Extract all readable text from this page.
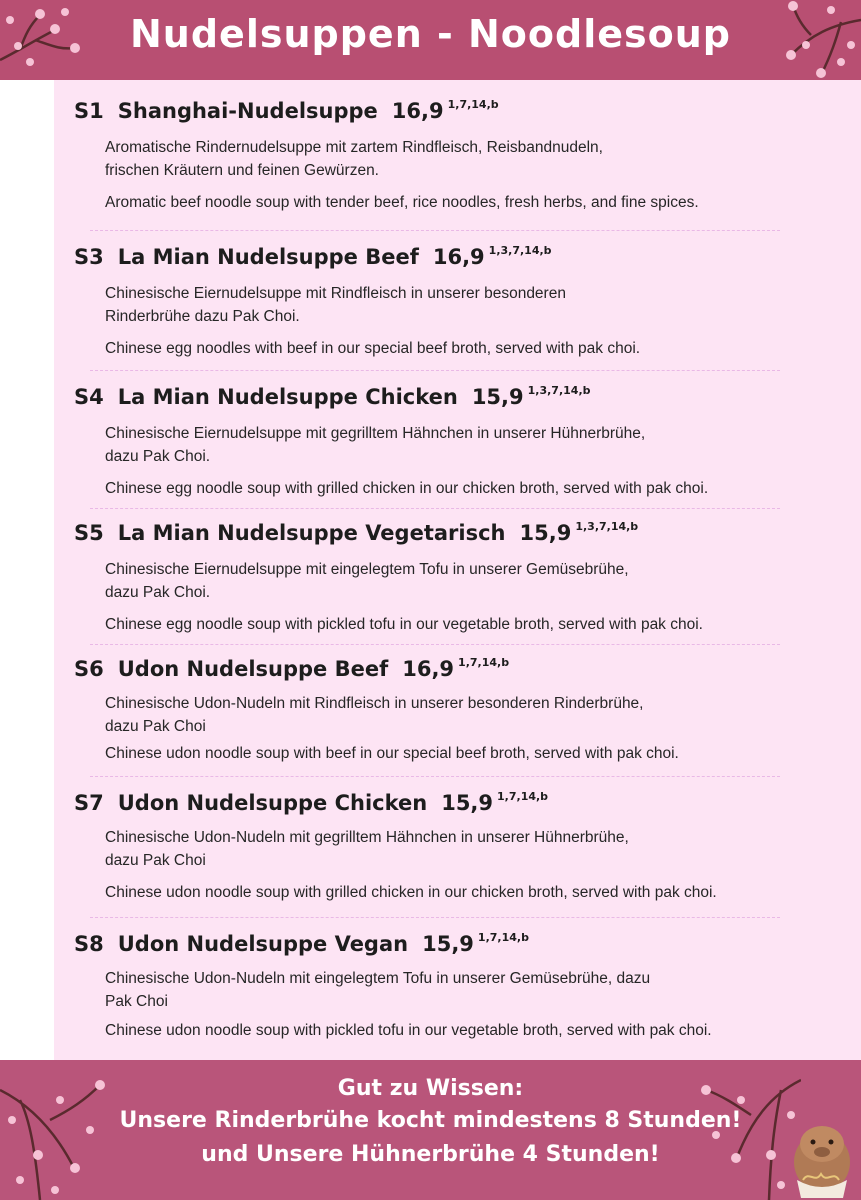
Nudelsuppen - Noodlesoup
S1 Shanghai-Nudelsuppe 16,9 $^{1,7,14,b}$
Aromatische Rindernudelsuppe mit zartem Rindfleisch, Reisbandnudeln,
frischen Kräutern und feinen Gewürzen.
Aromatic beef noodle soup with tender beef, rice noodles, fresh herbs, and fine spices.
S3 La Mian Nudelsuppe Beef 16,9 $^{1,3,7,14,b}$
Chinesische Eiernudelsuppe mit Rindfleisch in unserer besonderen
Rinderbrühe dazu Pak Choi.
Chinese egg noodles with beef in our special beef broth, served with pak choi.
S4 La Mian Nudelsuppe Chicken 15,9 $^{1,3,7,14,b}$
Chinesische Eiernudelsuppe mit gegrilltem Hähnchen in unserer Hühnerbrühe,
dazu Pak Choi.
Chinese egg noodle soup with grilled chicken in our chicken broth, served with pak choi.
S5 La Mian Nudelsuppe Vegetarisch 15,9 $^{1,3,7,14,b}$
Chinesische Eiernudelsuppe mit eingelegtem Tofu in unserer Gemüsebrühe,
dazu Pak Choi.
Chinese egg noodle soup with pickled tofu in our vegetable broth, served with pak choi.
S6 Udon Nudelsuppe Beef 16,9 $^{1,7,14,b}$
Chinesische Udon-Nudeln mit Rindfleisch in unserer besonderen Rinderbrühe,
dazu Pak Choi
Chinese udon noodle soup with beef in our special beef broth, served with pak choi.
S7 Udon Nudelsuppe Chicken 15,9 $^{1,7,14,b}$
Chinesische Udon-Nudeln mit gegrilltem Hähnchen in unserer Hühnerbrühe,
dazu Pak Choi
Chinese udon noodle soup with grilled chicken in our chicken broth, served with pak choi.
S8 Udon Nudelsuppe Vegan 15,9 $^{1,7,14,b}$
Chinesische Udon-Nudeln mit eingelegtem Tofu in unserer Gemüsebrühe, dazu
Pak Choi
Chinese udon noodle soup with pickled tofu in our vegetable broth, served with pak choi.
Gut zu Wissen:
Unsere Rinderbrühe kocht mindestens 8 Stunden!
und Unsere Hühnerbrühe 4 Stunden!
